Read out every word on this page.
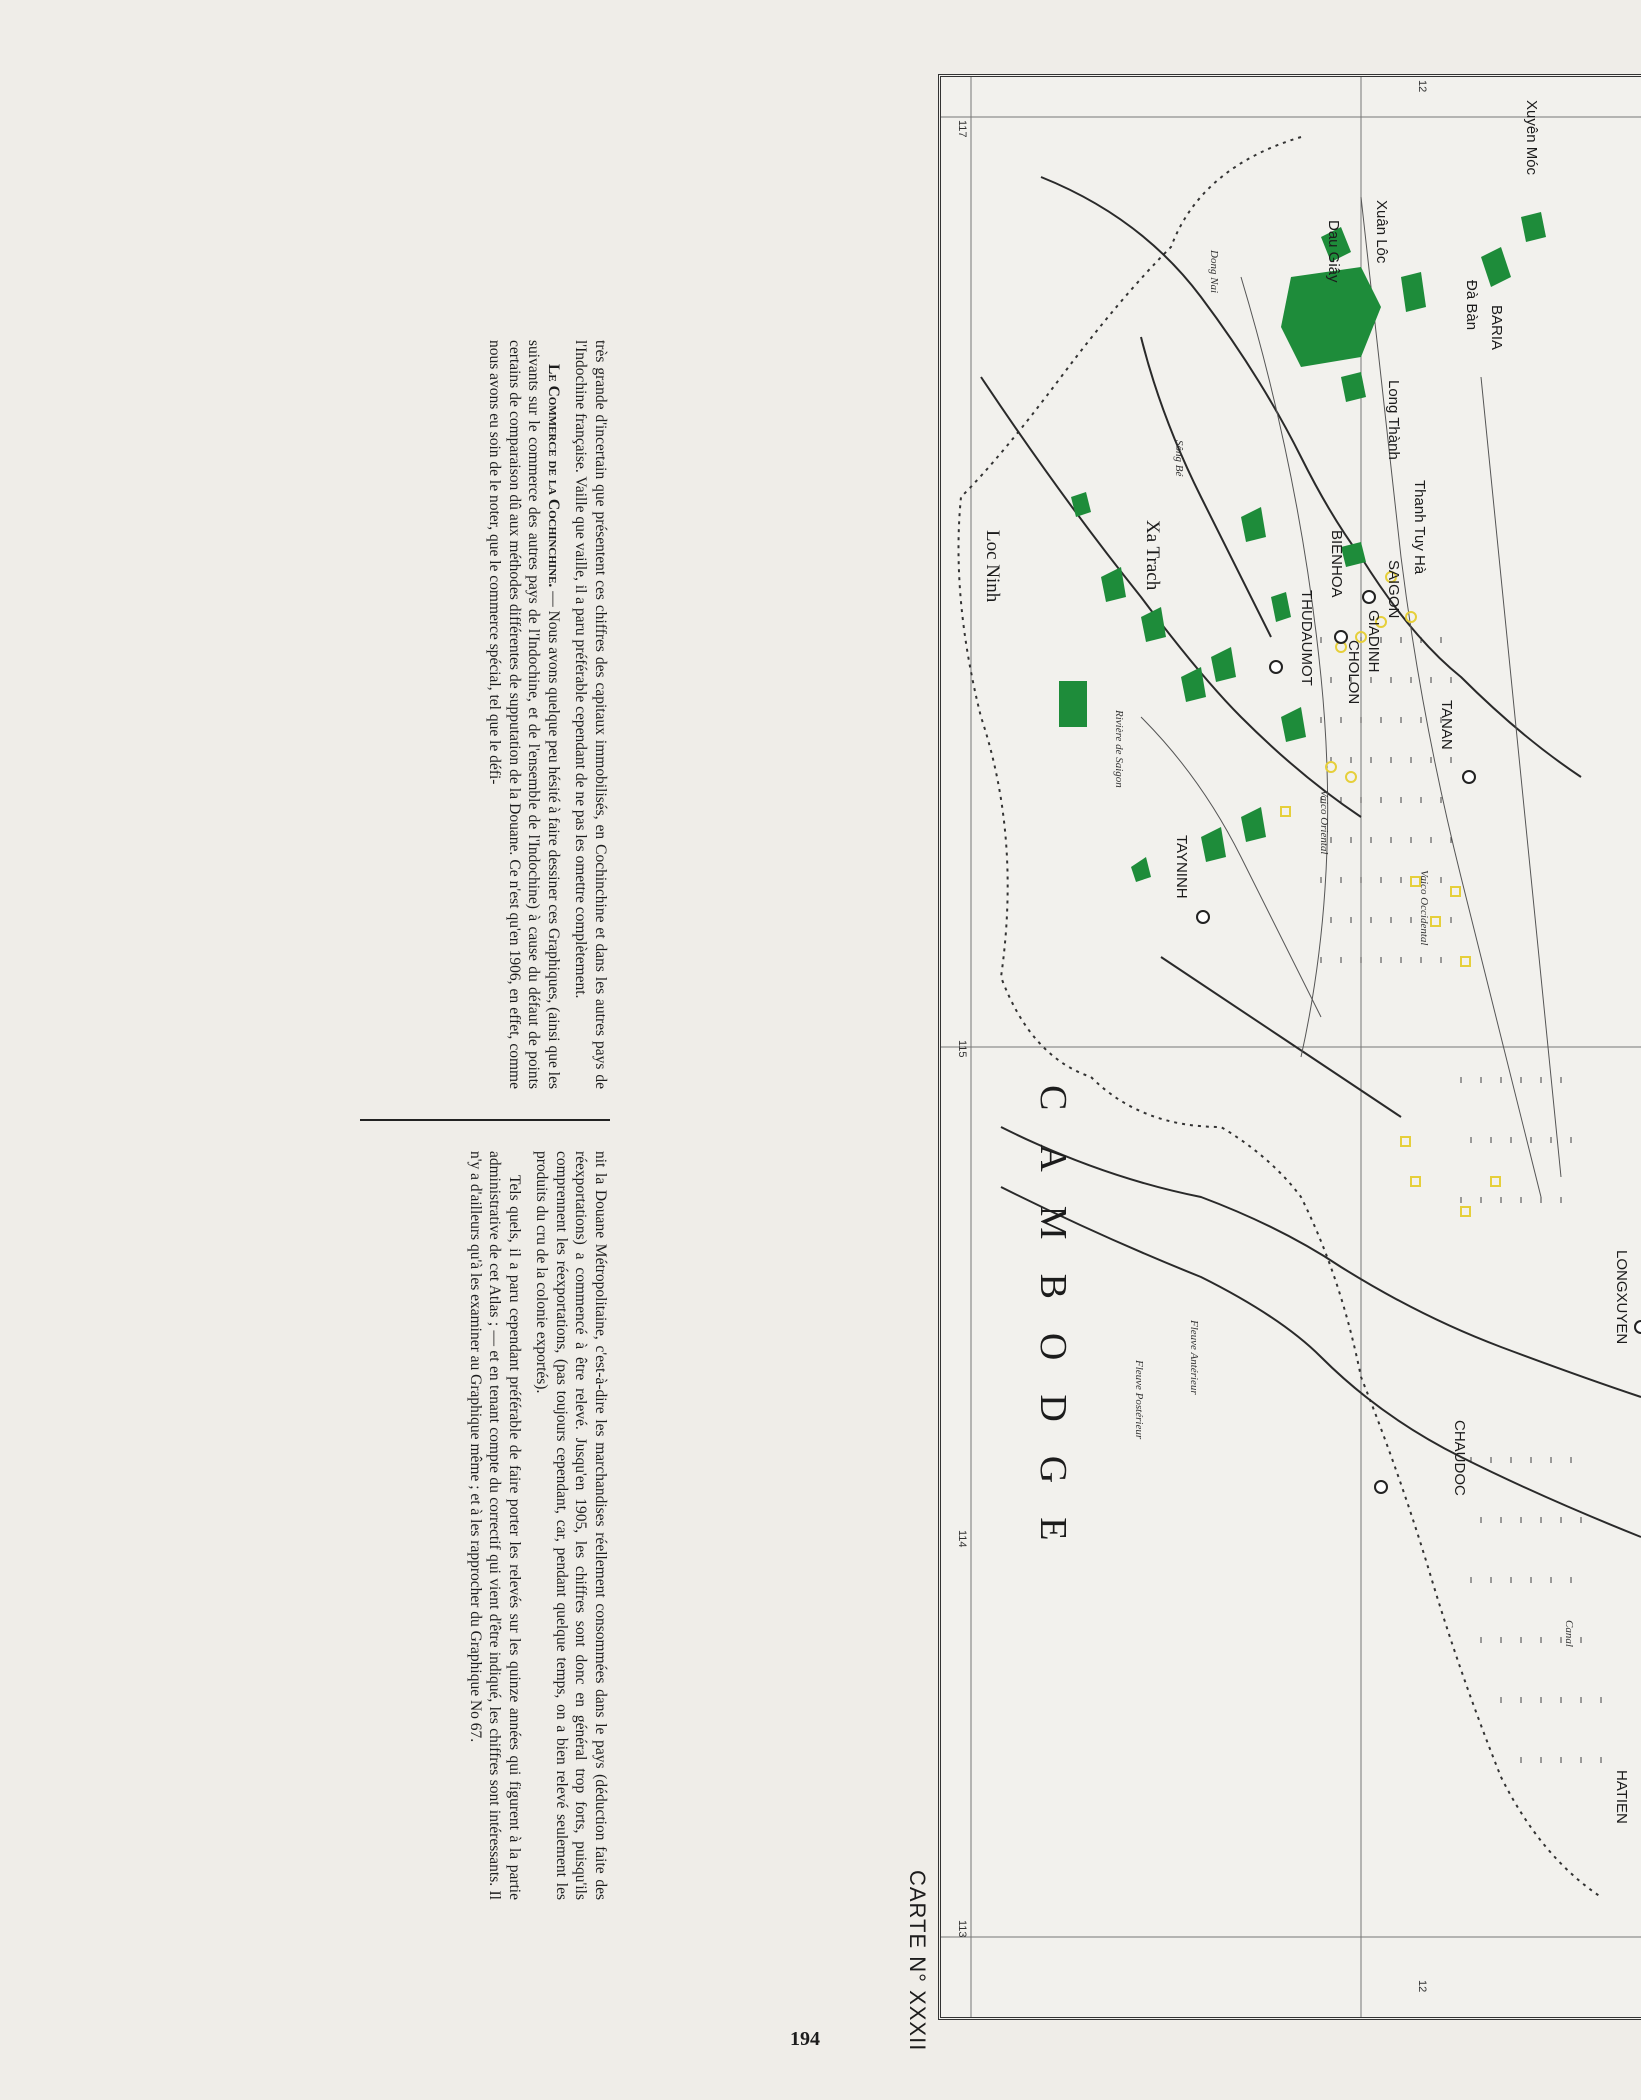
très grande d'incertain que présentent ces chiffres des capitaux immobilisés, en Cochinchine et dans les autres pays de l'Indochine française. Vaille que vaille, il a paru préférable cependant de ne pas les omettre complètement.

Le Commerce de la Cochinchine. — Nous avons quelque peu hésité à faire dessiner ces Graphiques, (ainsi que les suivants sur le commerce des autres pays de l'Indochine, et de l'ensemble de l'Indochine) à cause du défaut de points certains de comparaison dû aux méthodes différentes de supputation de la Douane. Ce n'est qu'en 1906, en effet, comme nous avons eu soin de le noter, que le commerce spécial, tel que le défi-

nit la Douane Métropolitaine, c'est-à-dire les marchandises réellement consommées dans le pays (déduction faite des réexportations) a commencé à être relevé. Jusqu'en 1905, les chiffres sont donc en général trop forts, puisqu'ils comprennent les réexportations, (pas toujours cependant, car, pendant quelque temps, on a bien relevé seulement les produits du cru de la colonie exportés).

Tels quels, il a paru cependant préférable de faire porter les relevés sur les quinze années qui figurent à la partie administrative de cet Atlas ; — et en tenant compte du correctif qui vient d'être indiqué, les chiffres sont intéressants. Il n'y a d'ailleurs qu'à les examiner au Graphique même ; et à les rapprocher du Graphique No 67.

CARTE N° XXXII
CAMBODGE
Xa Trach
Loc Ninh
Dau Giây Xuân Lôc
Xuyên Móc
Đà Bàn BARIA
Long Thành
Thanh Tuy Hà
BIENHOA	SAIGON
GIADINH
CHOLON
THUDAUMOT
TAYNINH
TANAN
CHAUDOC
LONGXUYEN
HATIEN
Rivière de Saigon
Vaico Oriental
Vaico Occidental
Fleuve Antérieur
Fleuve Postérieur
Sông Bé
Dong Nai
Canal
117
12
115
114
113
12
194
